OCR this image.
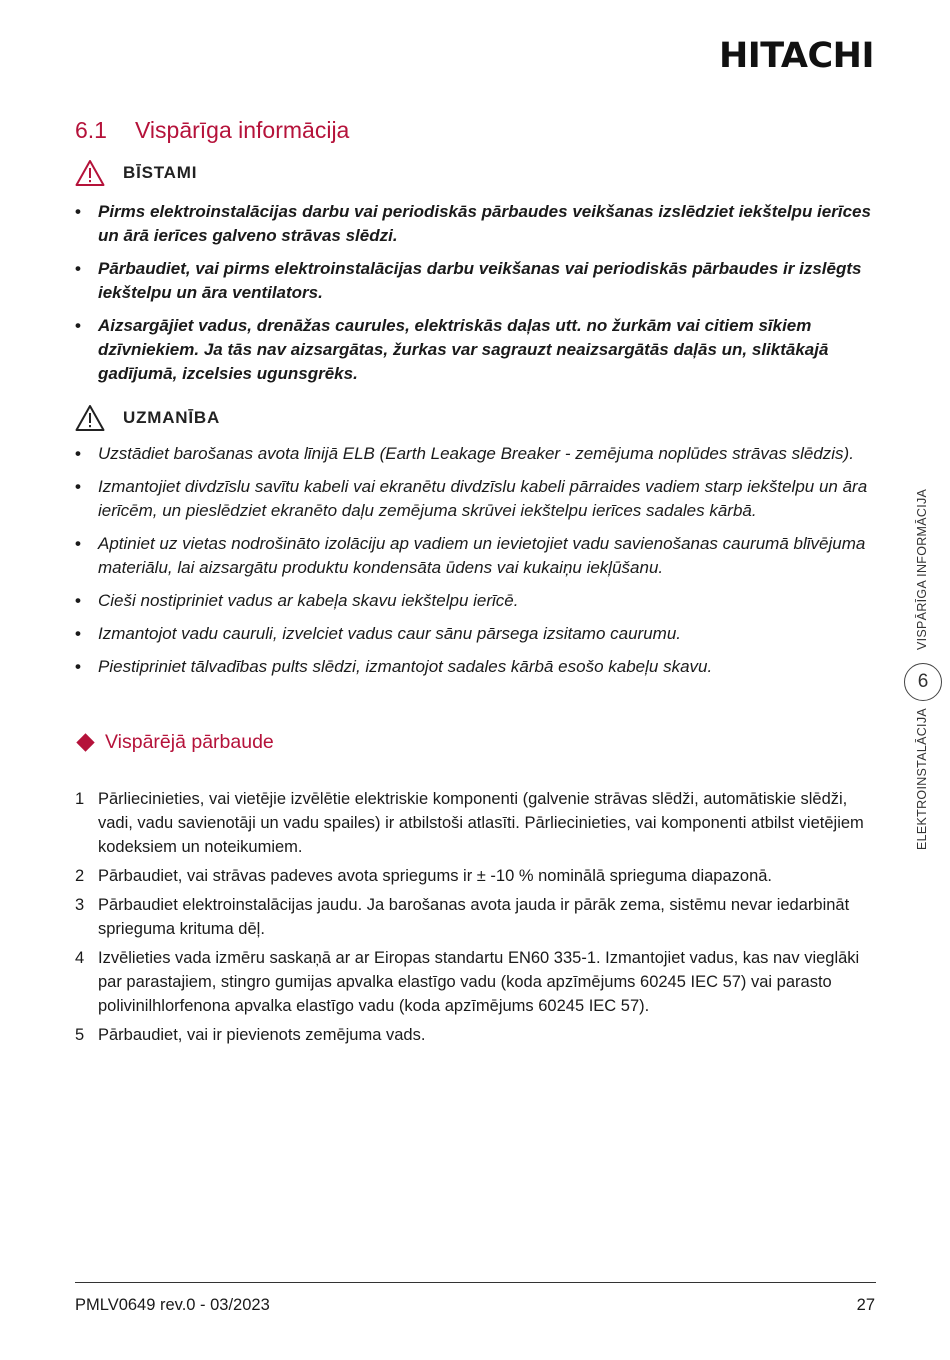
HITACHI
6.1 Vispārīga informācija
BĪSTAMI
• Pirms elektroinstalācijas darbu vai periodiskās pārbaudes veikšanas izslēdziet iekštelpu ierīces un ārā ierīces galveno strāvas slēdzi.
• Pārbaudiet, vai pirms elektroinstalācijas darbu veikšanas vai periodiskās pārbaudes ir izslēgts iekštelpu un āra ventilators.
• Aizsargājiet vadus, drenāžas caurules, elektriskās daļas utt. no žurkām vai citiem sīkiem dzīvniekiem. Ja tās nav aizsargātas, žurkas var sagrauzt neaizsargātās daļās un, sliktākajā gadījumā, izcelsies ugunsgrēks.
UZMANĪBA
• Uzstādiet barošanas avota līnijā ELB (Earth Leakage Breaker - zemējuma noplūdes strāvas slēdzis).
• Izmantojiet divdzīslu savītu kabeli vai ekranētu divdzīslu kabeli pārraides vadiem starp iekštelpu un āra ierīcēm, un pieslēdziet ekranēto daļu zemējuma skrūvei iekštelpu ierīces sadales kārbā.
• Aptiniet uz vietas nodrošināto izolāciju ap vadiem un ievietojiet vadu savienošanas caurumā blīvējuma materiālu, lai aizsargātu produktu kondensāta ūdens vai kukaiņu iekļūšanu.
• Cieši nostipriniet vadus ar kabeļa skavu iekštelpu ierīcē.
• Izmantojot vadu cauruli, izvelciet vadus caur sānu pārsega izsitamo caurumu.
• Piestipriniet tālvadības pults slēdzi, izmantojot sadales kārbā esošo kabeļu skavu.
Vispārējā pārbaude
1 Pārliecinieties, vai vietējie izvēlētie elektriskie komponenti (galvenie strāvas slēdži, automātiskie slēdži, vadi, vadu savienotāji un vadu spailes) ir atbilstoši atlasīti. Pārliecinieties, vai komponenti atbilst vietējiem kodeksiem un noteikumiem.
2 Pārbaudiet, vai strāvas padeves avota spriegums ir ± -10 % nominālā sprieguma diapazonā.
3 Pārbaudiet elektroinstalācijas jaudu. Ja barošanas avota jauda ir pārāk zema, sistēmu nevar iedarbināt sprieguma krituma dēļ.
4 Izvēlieties vada izmēru saskaņā ar ar Eiropas standartu EN60 335-1. Izmantojiet vadus, kas nav vieglāki par parastajiem, stingro gumijas apvalka elastīgo vadu (koda apzīmējums 60245 IEC 57) vai parasto polivinilhlorfenona apvalka elastīgo vadu (koda apzīmējums 60245 IEC 57).
5 Pārbaudiet, vai ir pievienots zemējuma vads.
ELEKTROINSTALĀCIJA
6
VISPĀRĪGA INFORMĀCIJA
PMLV0649 rev.0 - 03/2023	27
